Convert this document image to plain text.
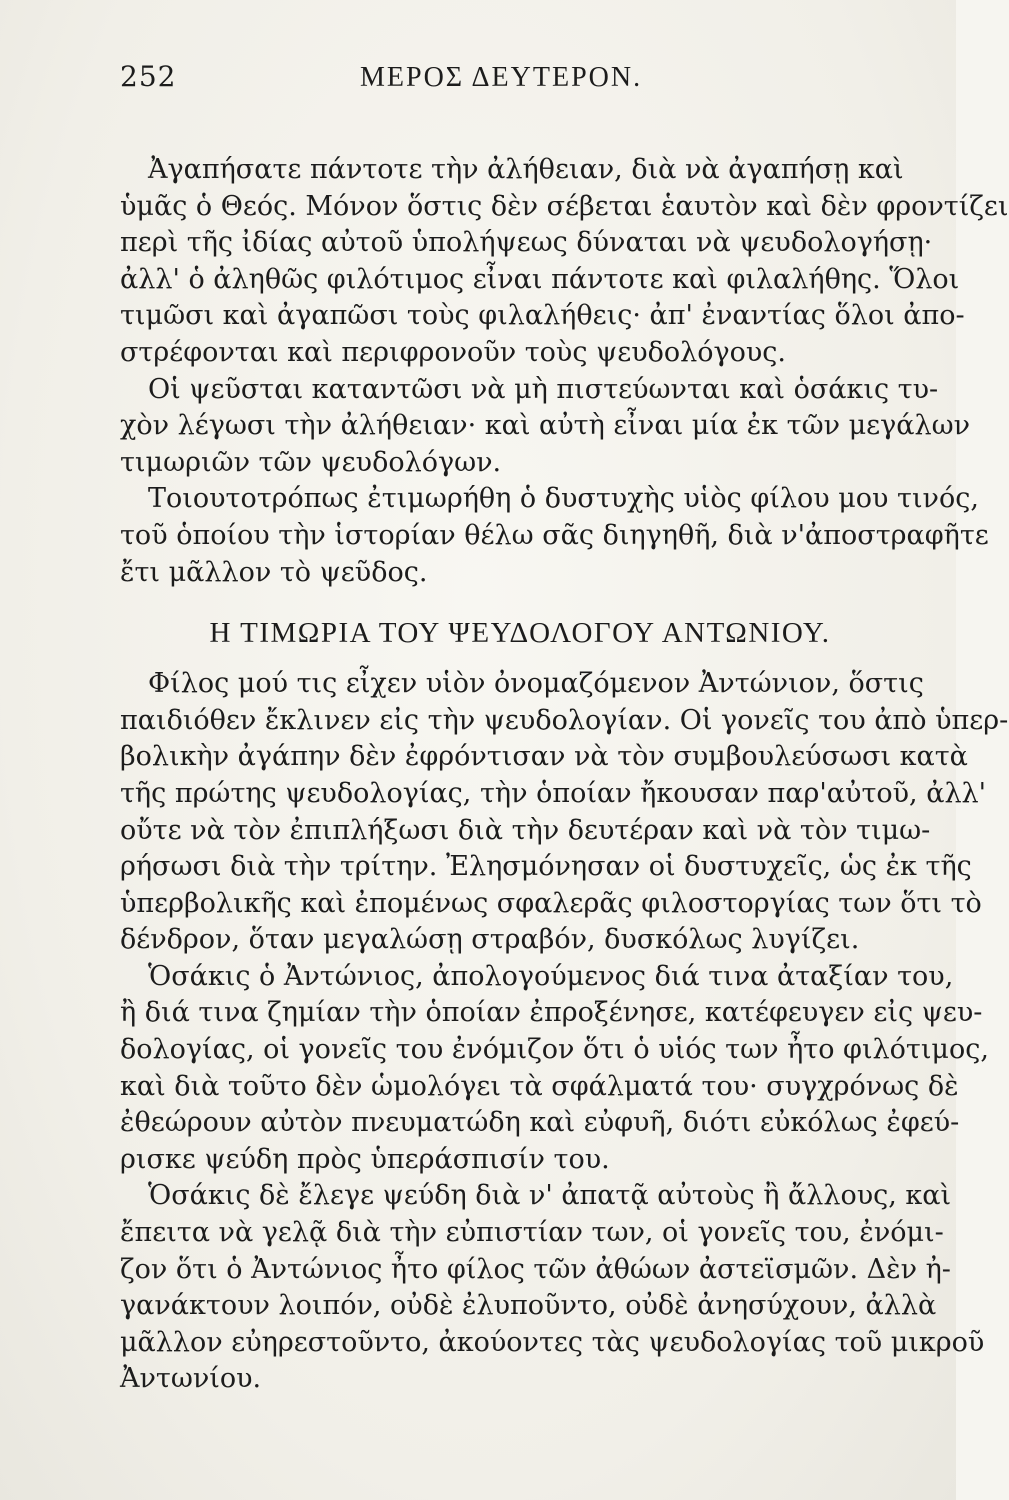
252	ΜΕΡΟΣ ΔΕΥΤΕΡΟΝ.
Ἀγαπήσατε πάντοτε τὴν ἀλήθειαν, διὰ νὰ ἀγαπήσῃ καὶ
ὑμᾶς ὁ Θεός. Μόνον ὅστις δὲν σέβεται ἑαυτὸν καὶ δὲν φροντίζει
περὶ τῆς ἰδίας αὐτοῦ ὑπολήψεως δύναται νὰ ψευδολογήσῃ·
ἀλλ' ὁ ἀληθῶς φιλότιμος εἶναι πάντοτε καὶ φιλαλήθης. Ὅλοι
τιμῶσι καὶ ἀγαπῶσι τοὺς φιλαλήθεις· ἀπ' ἐναντίας ὅλοι ἀπο-
στρέφονται καὶ περιφρονοῦν τοὺς ψευδολόγους.
Οἱ ψεῦσται καταντῶσι νὰ μὴ πιστεύωνται καὶ ὁσάκις τυ-
χὸν λέγωσι τὴν ἀλήθειαν· καὶ αὐτὴ εἶναι μία ἐκ τῶν μεγάλων
τιμωριῶν τῶν ψευδολόγων.
Τοιουτοτρόπως ἐτιμωρήθη ὁ δυστυχὴς υἱὸς φίλου μου τινός,
τοῦ ὁποίου τὴν ἱστορίαν θέλω σᾶς διηγηθῆ, διὰ ν'ἀποστραφῆτε
ἔτι μᾶλλον τὸ ψεῦδος.
Η ΤΙΜΩΡΙΑ ΤΟΥ ΨΕΥΔΟΛΟΓΟΥ ΑΝΤΩΝΙΟΥ.
Φίλος μού τις εἶχεν υἱὸν ὀνομαζόμενον Ἀντώνιον, ὅστις
παιδιόθεν ἔκλινεν εἰς τὴν ψευδολογίαν. Οἱ γονεῖς του ἀπὸ ὑπερ-
βολικὴν ἀγάπην δὲν ἐφρόντισαν νὰ τὸν συμβουλεύσωσι κατὰ
τῆς πρώτης ψευδολογίας, τὴν ὁποίαν ἤκουσαν παρ'αὐτοῦ, ἀλλ'
οὔτε νὰ τὸν ἐπιπλήξωσι διὰ τὴν δευτέραν καὶ νὰ τὸν τιμω-
ρήσωσι διὰ τὴν τρίτην. Ἐλησμόνησαν οἱ δυστυχεῖς, ὡς ἐκ τῆς
ὑπερβολικῆς καὶ ἐπομένως σφαλερᾶς φιλοστοργίας των ὅτι τὸ
δένδρον, ὅταν μεγαλώσῃ στραβόν, δυσκόλως λυγίζει.
Ὁσάκις ὁ Ἀντώνιος, ἀπολογούμενος διά τινα ἀταξίαν του,
ἢ διά τινα ζημίαν τὴν ὁποίαν ἐπροξένησε, κατέφευγεν εἰς ψευ-
δολογίας, οἱ γονεῖς του ἐνόμιζον ὅτι ὁ υἱός των ἦτο φιλότιμος,
καὶ διὰ τοῦτο δὲν ὡμολόγει τὰ σφάλματά του· συγχρόνως δὲ
ἐθεώρουν αὐτὸν πνευματώδη καὶ εὐφυῆ, διότι εὐκόλως ἐφεύ-
ρισκε ψεύδη πρὸς ὑπεράσπισίν του.
Ὁσάκις δὲ ἔλεγε ψεύδη διὰ ν' ἀπατᾷ αὐτοὺς ἢ ἄλλους, καὶ
ἔπειτα νὰ γελᾷ διὰ τὴν εὐπιστίαν των, οἱ γονεῖς του, ἐνόμι-
ζον ὅτι ὁ Ἀντώνιος ἦτο φίλος τῶν ἀθώων ἀστεϊσμῶν. Δὲν ἠ-
γανάκτουν λοιπόν, οὐδὲ ἐλυποῦντο, οὐδὲ ἀνησύχουν, ἀλλὰ
μᾶλλον εὐηρεστοῦντο, ἀκούοντες τὰς ψευδολογίας τοῦ μικροῦ
Ἀντωνίου.
